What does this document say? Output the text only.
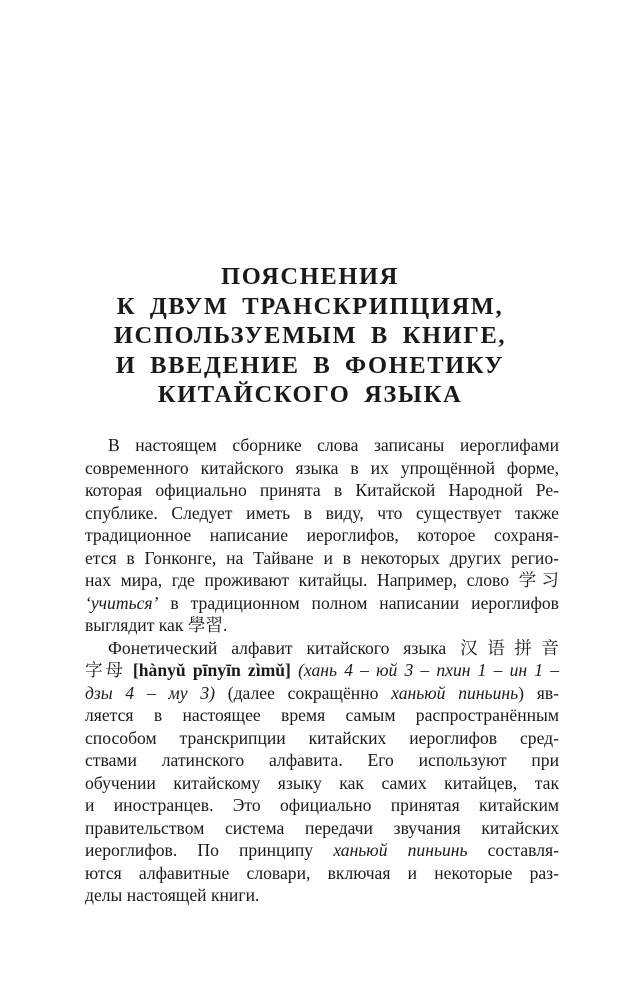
ПОЯСНЕНИЯ
К ДВУМ ТРАНСКРИПЦИЯМ,
ИСПОЛЬЗУЕМЫМ В КНИГЕ,
И ВВЕДЕНИЕ В ФОНЕТИКУ
КИТАЙСКОГО ЯЗЫКА
В настоящем сборнике слова записаны иероглифами
современного китайского языка в их упрощённой форме,
которая официально принята в Китайской Народной Ре-
спублике. Следует иметь в виду, что существует также
традиционное написание иероглифов, которое сохраня-
ется в Гонконге, на Тайване и в некоторых других регио-
нах мира, где проживают китайцы. Например, слово 学习
‘учиться’ в традиционном полном написании иероглифов
выглядит как 學習.
Фонетический алфавит китайского языка 汉语拼音
字母 [hànyǔ pīnyīn zìmǔ] (хань 4 – юй 3 – пхин 1 – ин 1 –
дзы 4 – му 3) (далее сокращённо ханьюй пиньинь) яв-
ляется в настоящее время самым распространённым
способом транскрипции китайских иероглифов сред-
ствами латинского алфавита. Его используют при
обучении китайскому языку как самих китайцев, так
и иностранцев. Это официально принятая китайским
правительством система передачи звучания китайских
иероглифов. По принципу ханьюй пиньинь составля-
ются алфавитные словари, включая и некоторые раз-
делы настоящей книги.
